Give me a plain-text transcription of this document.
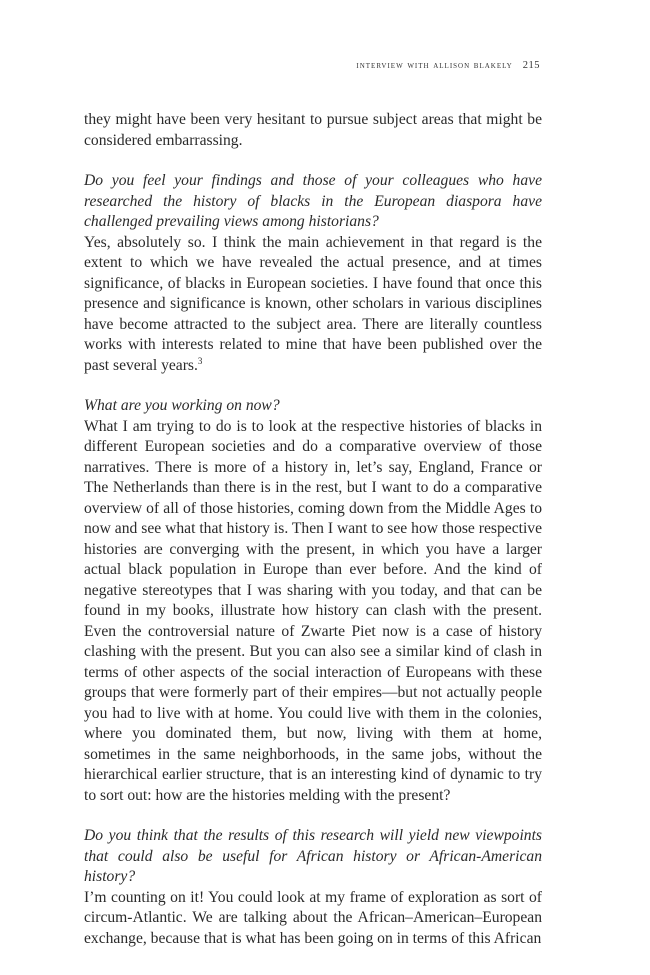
interview with allison blakely 215

they might have been very hesitant to pursue subject areas that might be considered embarrassing.

Do you feel your findings and those of your colleagues who have researched the history of blacks in the European diaspora have challenged prevailing views among historians?

Yes, absolutely so. I think the main achievement in that regard is the extent to which we have revealed the actual presence, and at times significance, of blacks in European societies. I have found that once this presence and significance is known, other scholars in various disciplines have become attracted to the subject area. There are literally countless works with interests related to mine that have been published over the past several years.$^3$

What are you working on now?

What I am trying to do is to look at the respective histories of blacks in different European societies and do a comparative overview of those narratives. There is more of a history in, let’s say, England, France or The Netherlands than there is in the rest, but I want to do a comparative overview of all of those histories, coming down from the Middle Ages to now and see what that history is. Then I want to see how those respective histories are converging with the present, in which you have a larger actual black population in Europe than ever before. And the kind of negative stereotypes that I was sharing with you today, and that can be found in my books, illustrate how history can clash with the present. Even the controversial nature of Zwarte Piet now is a case of history clashing with the present. But you can also see a similar kind of clash in terms of other aspects of the social interaction of Europeans with these groups that were formerly part of their empires—but not actually people you had to live with at home. You could live with them in the colonies, where you dominated them, but now, living with them at home, sometimes in the same neighborhoods, in the same jobs, without the hierarchical earlier structure, that is an interesting kind of dynamic to try to sort out: how are the histories melding with the present?

Do you think that the results of this research will yield new viewpoints that could also be useful for African history or African-American history?

I’m counting on it! You could look at my frame of exploration as sort of circum-Atlantic. We are talking about the African–American–European exchange, because that is what has been going on in terms of this African
